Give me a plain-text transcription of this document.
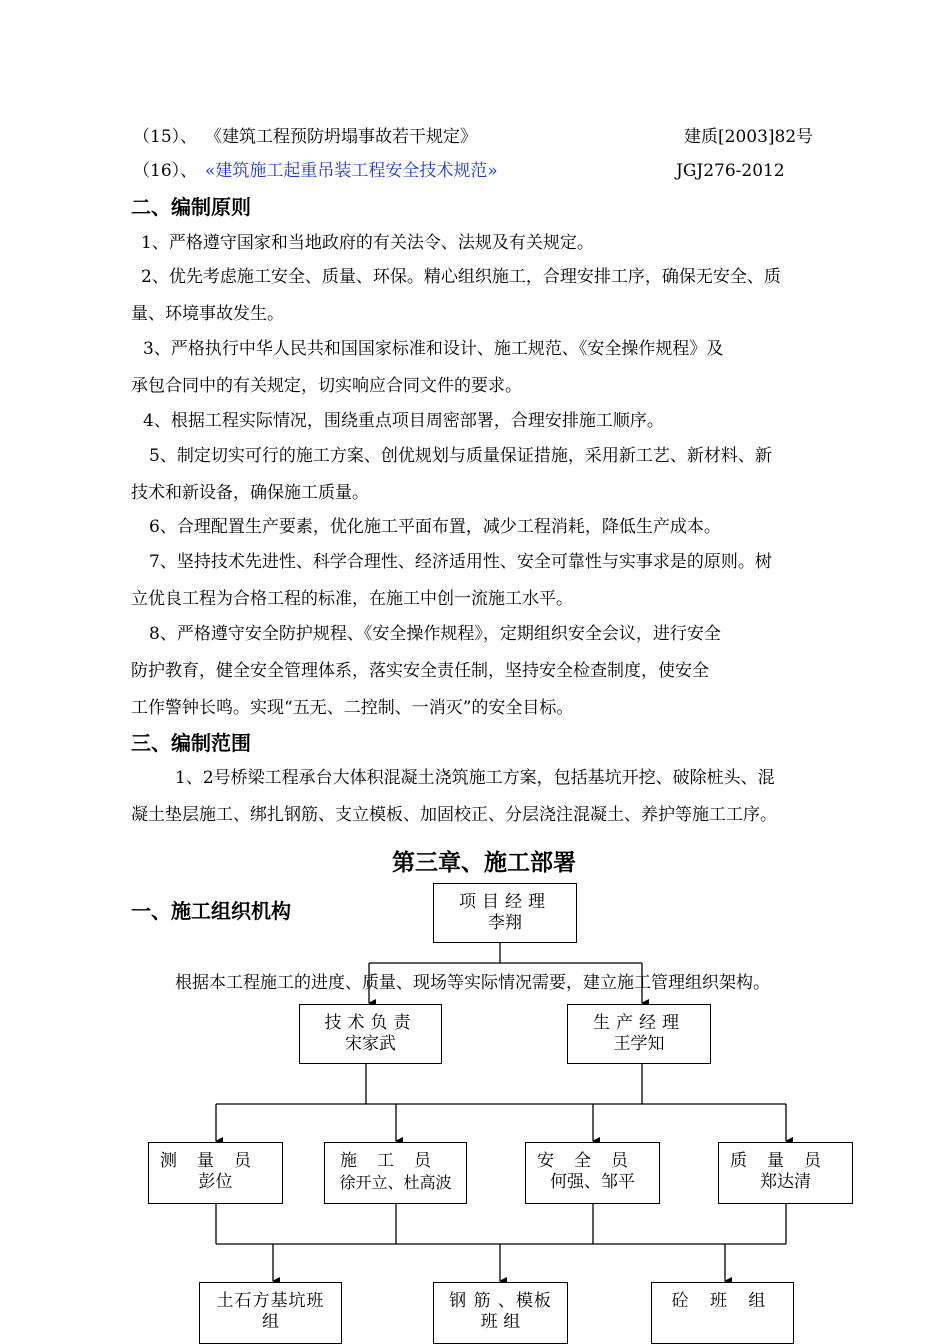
（15）、 《建筑工程预防坍塌事故若干规定》	建质[2003]82号
（16）、 «建筑施工起重吊装工程安全技术规范»	JGJ276-2012
二、编制原则
1、严格遵守国家和当地政府的有关法令、法规及有关规定。
2、优先考虑施工安全、质量、环保。精心组织施工，合理安排工序，确保无安全、质
量、环境事故发生。
3、严格执行中华人民共和国国家标准和设计、施工规范、《安全操作规程》及
承包合同中的有关规定，切实响应合同文件的要求。
4、根据工程实际情况，围绕重点项目周密部署，合理安排施工顺序。
5、制定切实可行的施工方案、创优规划与质量保证措施，采用新工艺、新材料、新
技术和新设备，确保施工质量。
6、合理配置生产要素，优化施工平面布置，减少工程消耗，降低生产成本。
7、坚持技术先进性、科学合理性、经济适用性、安全可靠性与实事求是的原则。树
立优良工程为合格工程的标准，在施工中创一流施工水平。
8、严格遵守安全防护规程、《安全操作规程》，定期组织安全会议，进行安全
防护教育，健全安全管理体系，落实安全责任制，坚持安全检查制度，使安全
工作警钟长鸣。实现“五无、二控制、一消灭”的安全目标。
三、编制范围
1、2号桥梁工程承台大体积混凝土浇筑施工方案，包括基坑开挖、破除桩头、混
凝土垫层施工、绑扎钢筋、支立模板、加固校正、分层浇注混凝土、养护等施工工序。
第三章、施工部署
一、施工组织机构
根据本工程施工的进度、质量、现场等实际情况需要，建立施工管理组织架构。
项目经理
李翔
技术负责
宋家武
生产经理
王学知
测量员
彭位
施工员
徐开立、杜高波
安全员
何强、邹平
质量员
郑达清
土石方基坑班
组
钢 筋 、模板
班 组
砼 班 组
